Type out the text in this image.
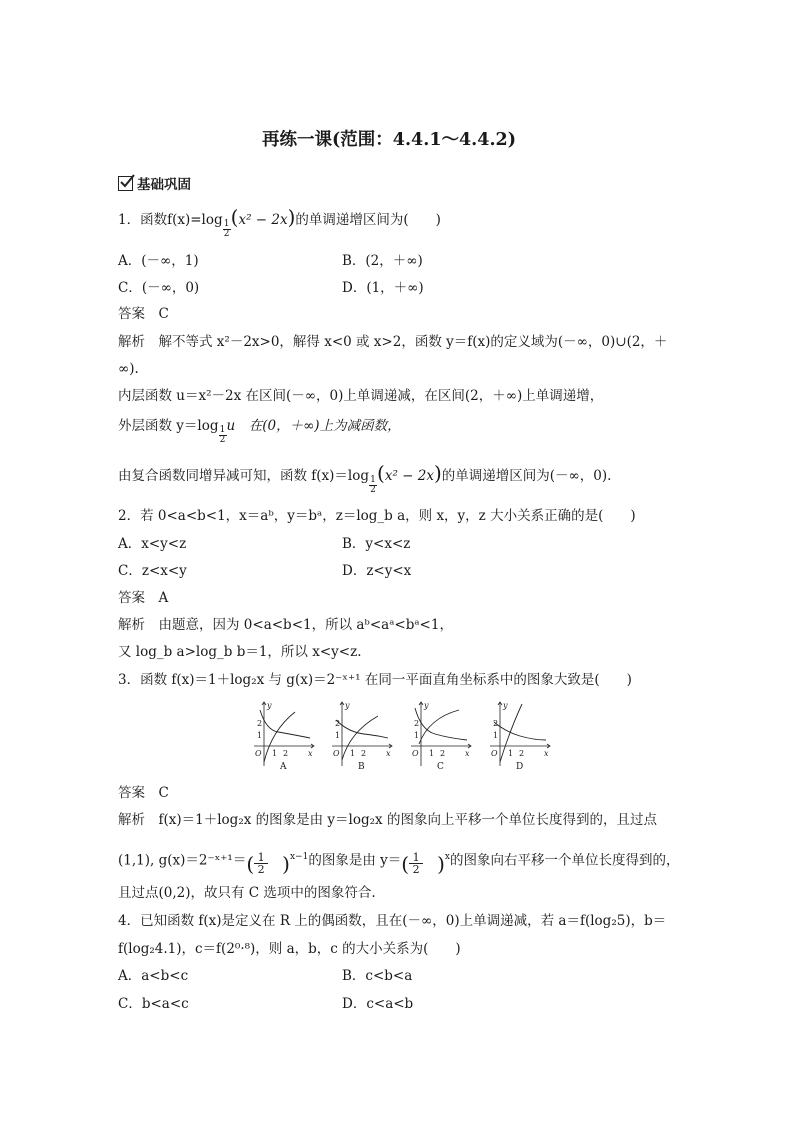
再练一课(范围：4.4.1～4.4.2)
基础巩固
1．函数$f(x)=\log \frac{1}{2}$
(x² − 2x)的单调递增区间为(　　)
A．(－∞，1)	B．(2，＋∞)
C．(－∞，0)	D．(1，＋∞)
答案　C
解析　解不等式 x²－2x>0，解得 x<0 或 x>2，函数 y＝f(x)的定义域为(－∞，0)∪(2，＋
∞).
内层函数 u＝x²－2x 在区间(－∞，0)上单调递减，在区间(2，＋∞)上单调递增，
外层函数 $y=\log \frac{1}{2}$ u　在(0，＋∞)上为减函数，
由复合函数同增异减可知，函数 $f(x)=\log \frac{1}{2}$
(x² − 2x)的单调递增区间为(－∞，0).
2．若 0<a<b<1，x＝aᵇ，y＝bᵃ，z＝log_b a，则 x，y，z 大小关系正确的是(　　)
A．x<y<z	B．y<x<z
C．z<x<y	D．z<y<x
答案　A
解析　由题意，因为 0<a<b<1，所以 aᵇ<aᵃ<bᵃ<1，
又 log_b a>log_b b＝1，所以 x<y<z.
3．函数 f(x)＝1＋log₂x 与 g(x)＝2⁻ˣ⁺¹ 在同一平面直角坐标系中的图象大致是(　　)
y
x
O 1 2
1
2
A
y
x
O 1 2
1
2
B
y
x
O 1 2
1
2
C
y
x
O 1 2
1
2
D
答案　C
解析　f(x)＝1＋log₂x 的图象是由 y＝log₂x 的图象向上平移一个单位长度得到的，且过点
(1,1), g(x)＝2⁻ˣ⁺¹＝( $\frac{1}{2} )^{x-1}$的图象是由 $y=( \frac{1}{2} )^x$的图象向右平移一个单位长度得到的，
且过点(0,2)，故只有 C 选项中的图象符合.
4．已知函数 f(x)是定义在 R 上的偶函数，且在(－∞，0)上单调递减，若 a＝f(log₂5)，b＝
f(log₂4.1)，c＝f(2⁰·⁸)，则 a，b，c 的大小关系为(　　)
A．a<b<c	B．c<b<a
C．b<a<c	D．c<a<b
